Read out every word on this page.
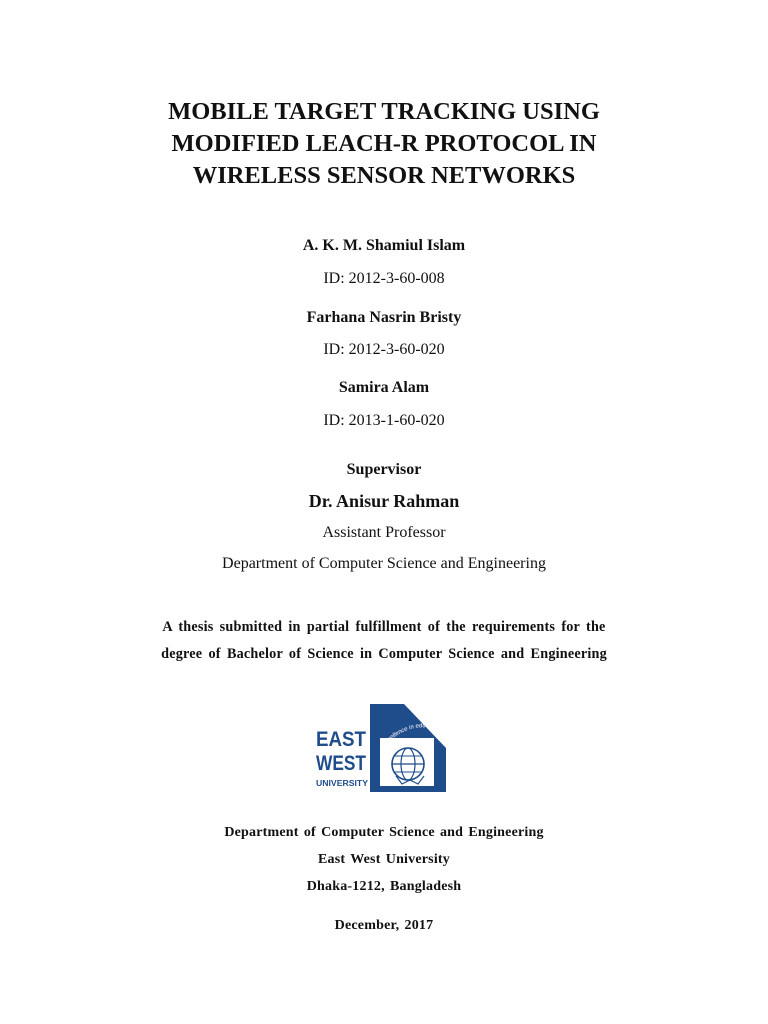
MOBILE TARGET TRACKING USING
MODIFIED LEACH-R PROTOCOL IN
WIRELESS SENSOR NETWORKS
A. K. M. Shamiul Islam
ID: 2012-3-60-008
Farhana Nasrin Bristy
ID: 2012-3-60-020
Samira Alam
ID: 2013-1-60-020
Supervisor
Dr. Anisur Rahman
Assistant Professor
Department of Computer Science and Engineering
A thesis submitted in partial fulfillment of the requirements for the
degree of Bachelor of Science in Computer Science and Engineering
Excellence in education
EAST
WEST
UNIVERSITY
Department of Computer Science and Engineering
East West University
Dhaka-1212, Bangladesh
December, 2017
